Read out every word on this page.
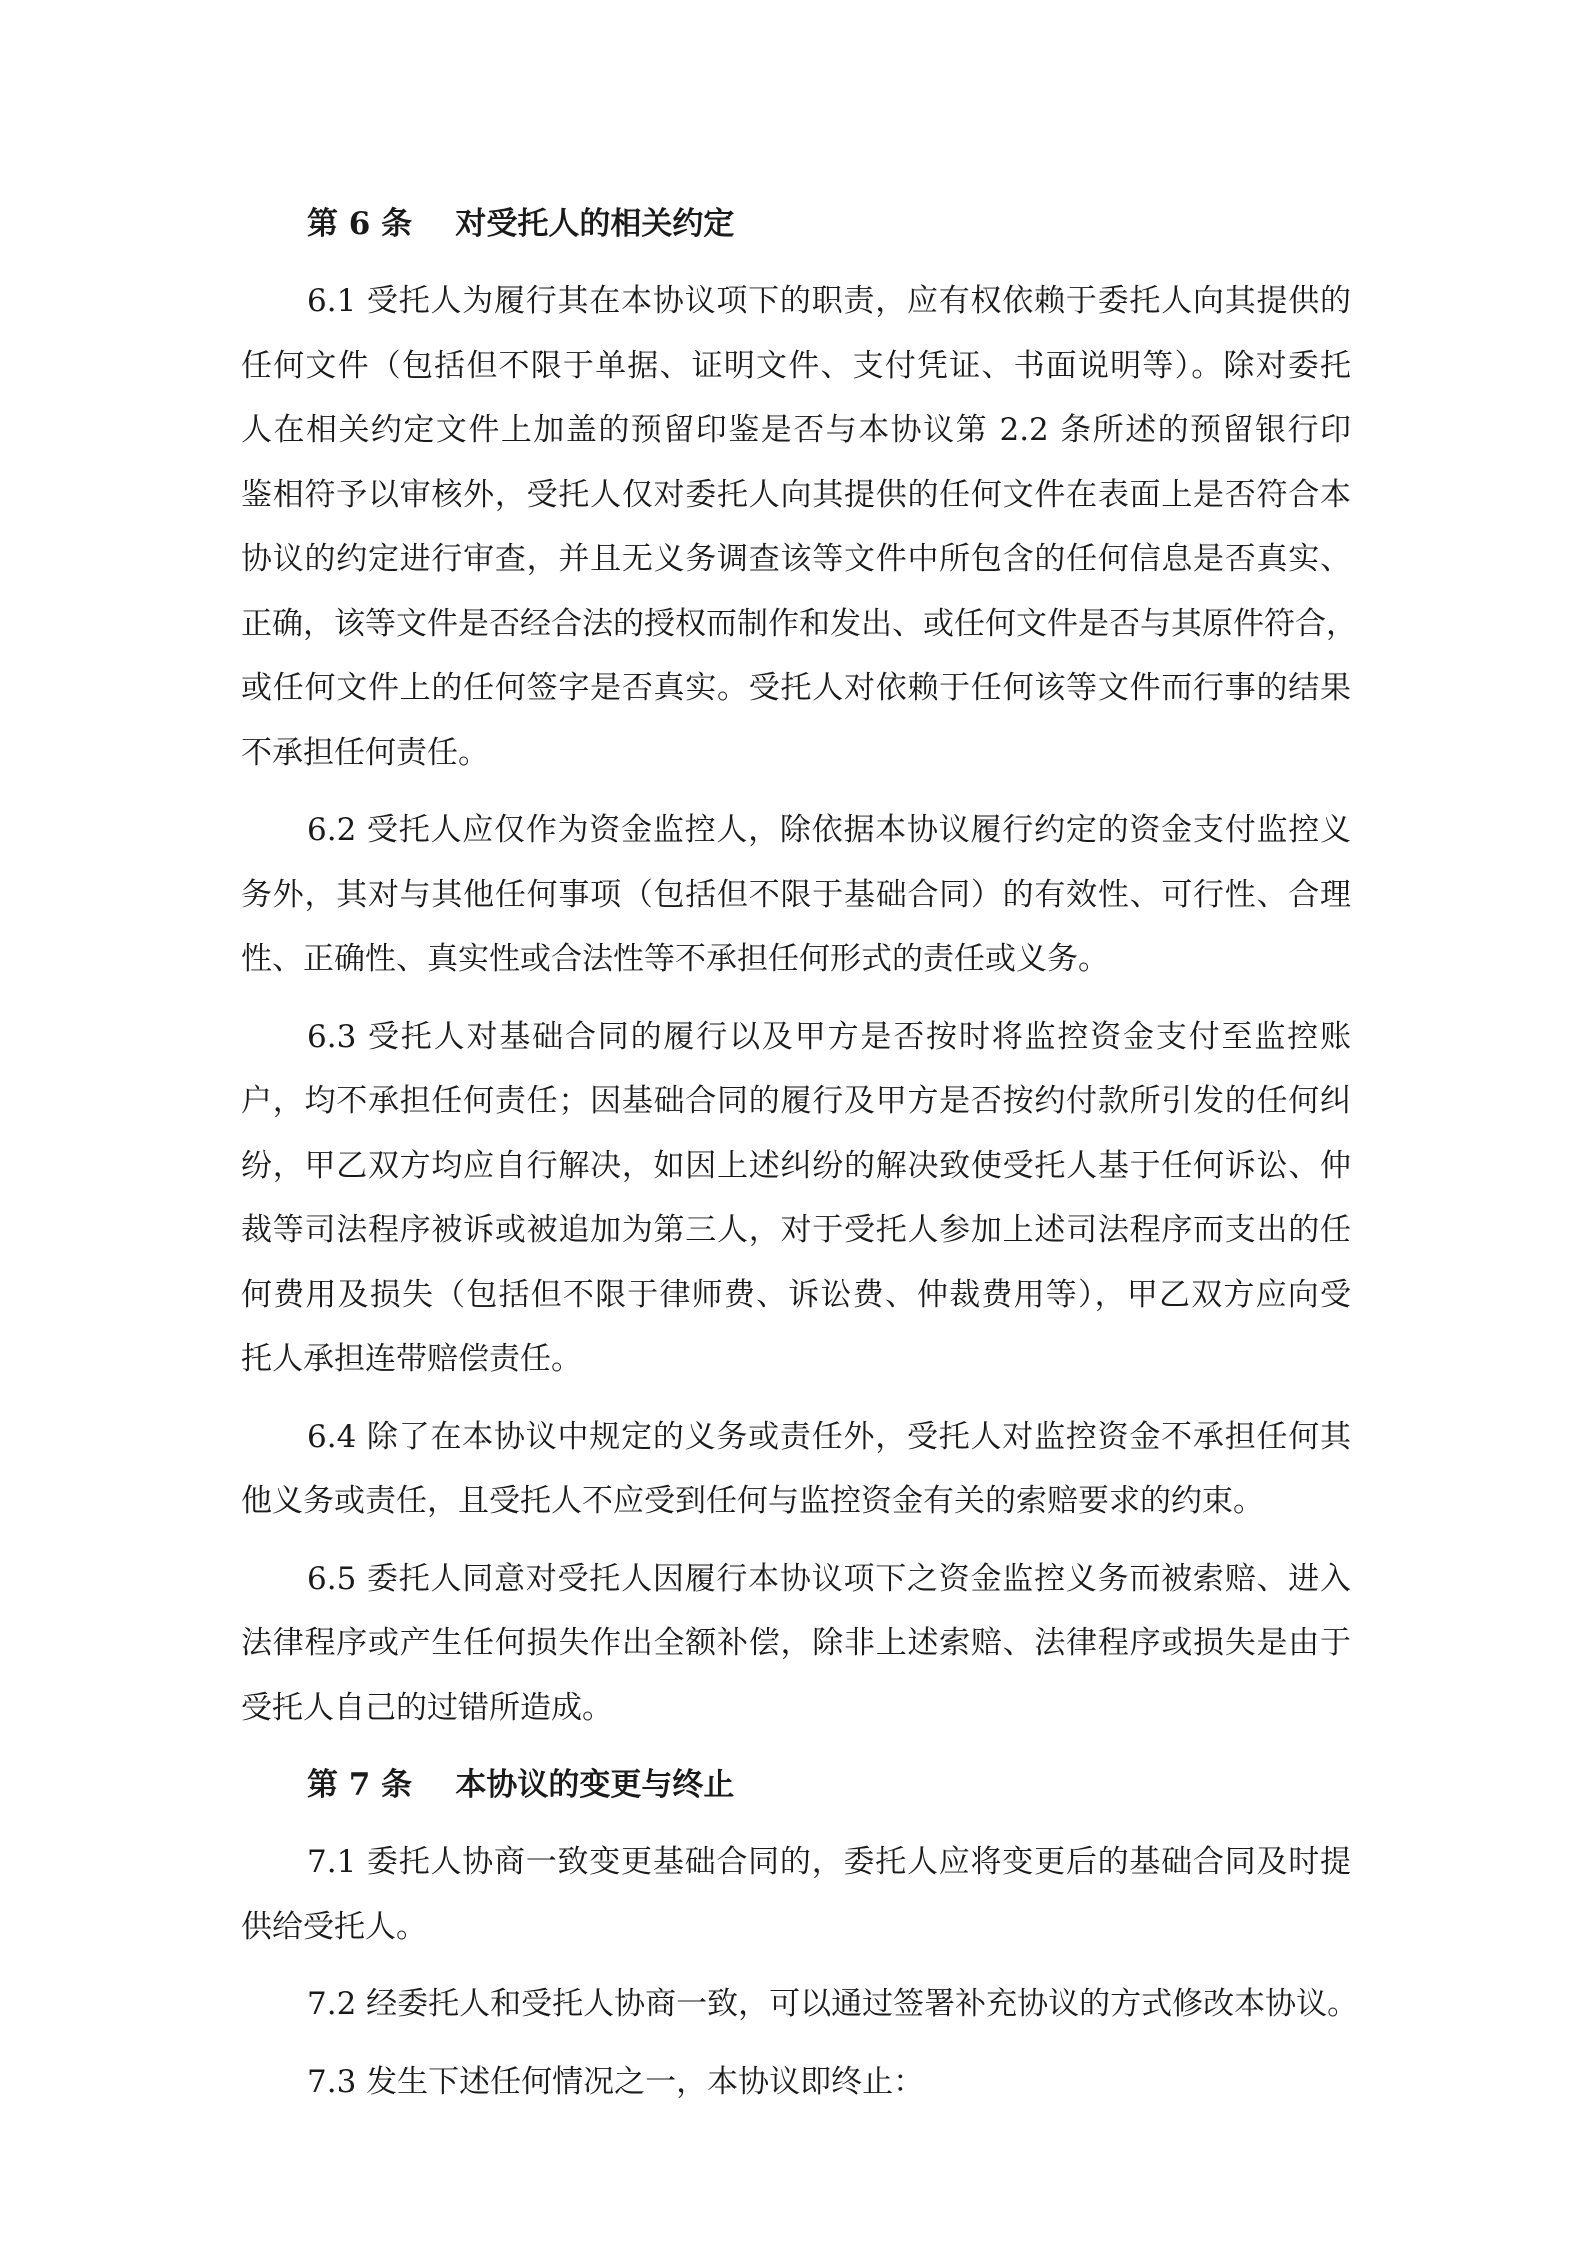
第 6 条    对受托人的相关约定
6.1 受托人为履行其在本协议项下的职责，应有权依赖于委托人向其提供的
任何文件（包括但不限于单据、证明文件、支付凭证、书面说明等）。除对委托
人在相关约定文件上加盖的预留印鉴是否与本协议第 2.2 条所述的预留银行印
鉴相符予以审核外，受托人仅对委托人向其提供的任何文件在表面上是否符合本
协议的约定进行审查，并且无义务调查该等文件中所包含的任何信息是否真实、
正确，该等文件是否经合法的授权而制作和发出、或任何文件是否与其原件符合，
或任何文件上的任何签字是否真实。受托人对依赖于任何该等文件而行事的结果
不承担任何责任。
6.2 受托人应仅作为资金监控人，除依据本协议履行约定的资金支付监控义
务外，其对与其他任何事项（包括但不限于基础合同）的有效性、可行性、合理
性、正确性、真实性或合法性等不承担任何形式的责任或义务。
6.3 受托人对基础合同的履行以及甲方是否按时将监控资金支付至监控账
户，均不承担任何责任；因基础合同的履行及甲方是否按约付款所引发的任何纠
纷，甲乙双方均应自行解决，如因上述纠纷的解决致使受托人基于任何诉讼、仲
裁等司法程序被诉或被追加为第三人，对于受托人参加上述司法程序而支出的任
何费用及损失（包括但不限于律师费、诉讼费、仲裁费用等），甲乙双方应向受
托人承担连带赔偿责任。
6.4 除了在本协议中规定的义务或责任外，受托人对监控资金不承担任何其
他义务或责任，且受托人不应受到任何与监控资金有关的索赔要求的约束。
6.5 委托人同意对受托人因履行本协议项下之资金监控义务而被索赔、进入
法律程序或产生任何损失作出全额补偿，除非上述索赔、法律程序或损失是由于
受托人自己的过错所造成。
第 7 条    本协议的变更与终止
7.1 委托人协商一致变更基础合同的，委托人应将变更后的基础合同及时提
供给受托人。
7.2 经委托人和受托人协商一致，可以通过签署补充协议的方式修改本协议。
7.3 发生下述任何情况之一，本协议即终止：
